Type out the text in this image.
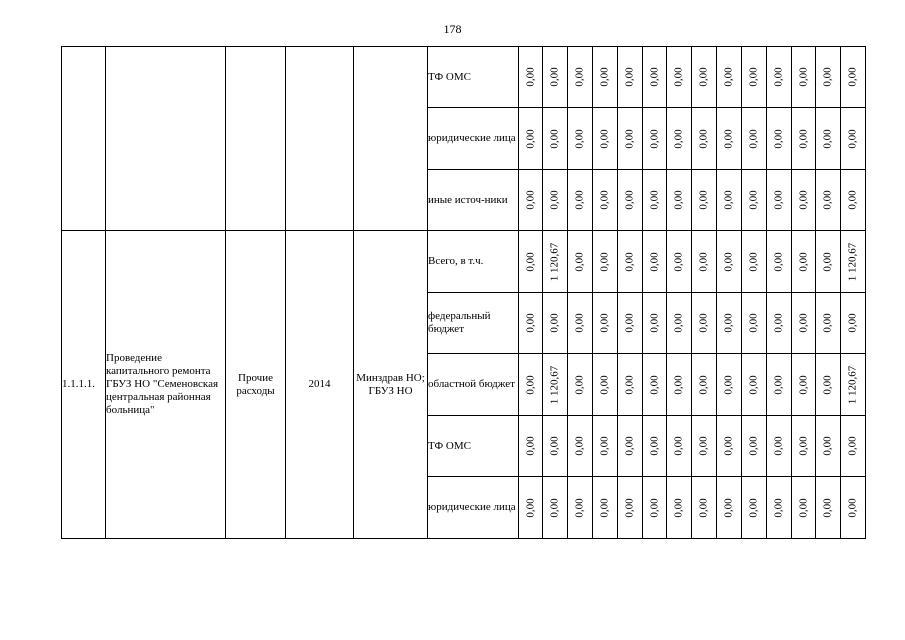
178
					ТФ ОМС	0,00	0,00	0,00	0,00	0,00	0,00	0,00	0,00	0,00	0,00	0,00	0,00	0,00	0,00

					юридические лица	0,00	0,00	0,00	0,00	0,00	0,00	0,00	0,00	0,00	0,00	0,00	0,00	0,00	0,00

					иные источ-ники	0,00	0,00	0,00	0,00	0,00	0,00	0,00	0,00	0,00	0,00	0,00	0,00	0,00	0,00

1.1.1.1.	Проведение капитального ремонта ГБУЗ НО "Семеновская центральная районная больница"	Прочие расходы	2014	Минздрав НО; ГБУЗ НО	Всего, в т.ч.	0,00	1 120,67	0,00	0,00	0,00	0,00	0,00	0,00	0,00	0,00	0,00	0,00	0,00	1 120,67

					федеральный бюджет	0,00	0,00	0,00	0,00	0,00	0,00	0,00	0,00	0,00	0,00	0,00	0,00	0,00	0,00

					областной бюджет	0,00	1 120,67	0,00	0,00	0,00	0,00	0,00	0,00	0,00	0,00	0,00	0,00	0,00	1 120,67

					ТФ ОМС	0,00	0,00	0,00	0,00	0,00	0,00	0,00	0,00	0,00	0,00	0,00	0,00	0,00	0,00

					юридические лица	0,00	0,00	0,00	0,00	0,00	0,00	0,00	0,00	0,00	0,00	0,00	0,00	0,00	0,00
